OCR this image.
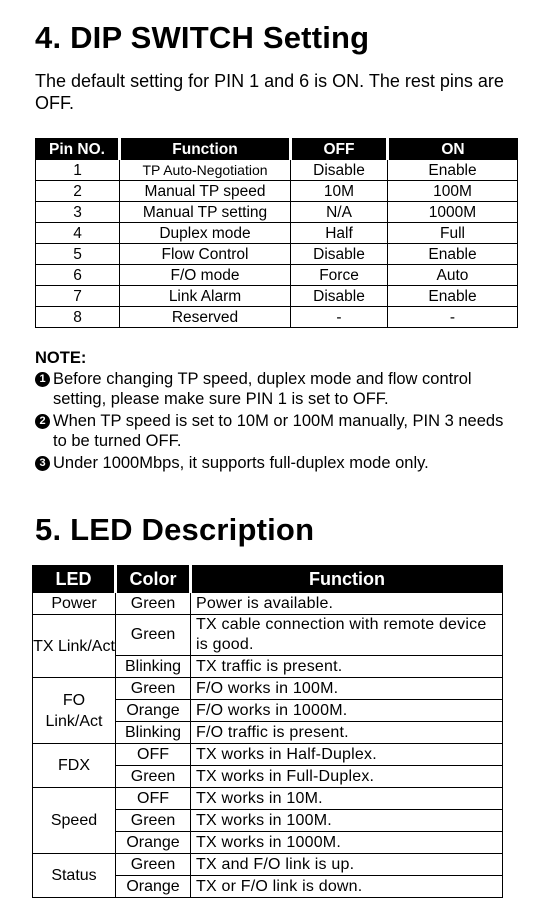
4. DIP SWITCH Setting
The default setting for PIN 1 and 6 is ON. The rest pins are OFF.
Pin NO.	Function	OFF	ON
1	TP Auto-Negotiation	Disable	Enable
2	Manual TP speed	10M	100M
3	Manual TP setting	N/A	1000M
4	Duplex mode	Half	Full
5	Flow Control	Disable	Enable
6	F/O mode	Force	Auto
7	Link Alarm	Disable	Enable
8	Reserved	-	-
NOTE:
1 Before changing TP speed, duplex mode and flow control setting, please make sure PIN 1 is set to OFF.
2 When TP speed is set to 10M or 100M manually, PIN 3 needs to be turned OFF.
3 Under 1000Mbps, it supports full-duplex mode only.
5. LED Description
LED	Color	Function
Power	Green	Power is available.
TX Link/Act	Green	TX cable connection with remote device is good.
	Blinking	TX traffic is present.
FO Link/Act	Green	F/O works in 100M.
	Orange	F/O works in 1000M.
	Blinking	F/O traffic is present.
FDX	OFF	TX works in Half-Duplex.
	Green	TX works in Full-Duplex.
Speed	OFF	TX works in 10M.
	Green	TX works in 100M.
	Orange	TX works in 1000M.
Status	Green	TX and F/O link is up.
	Orange	TX or F/O link is down.
